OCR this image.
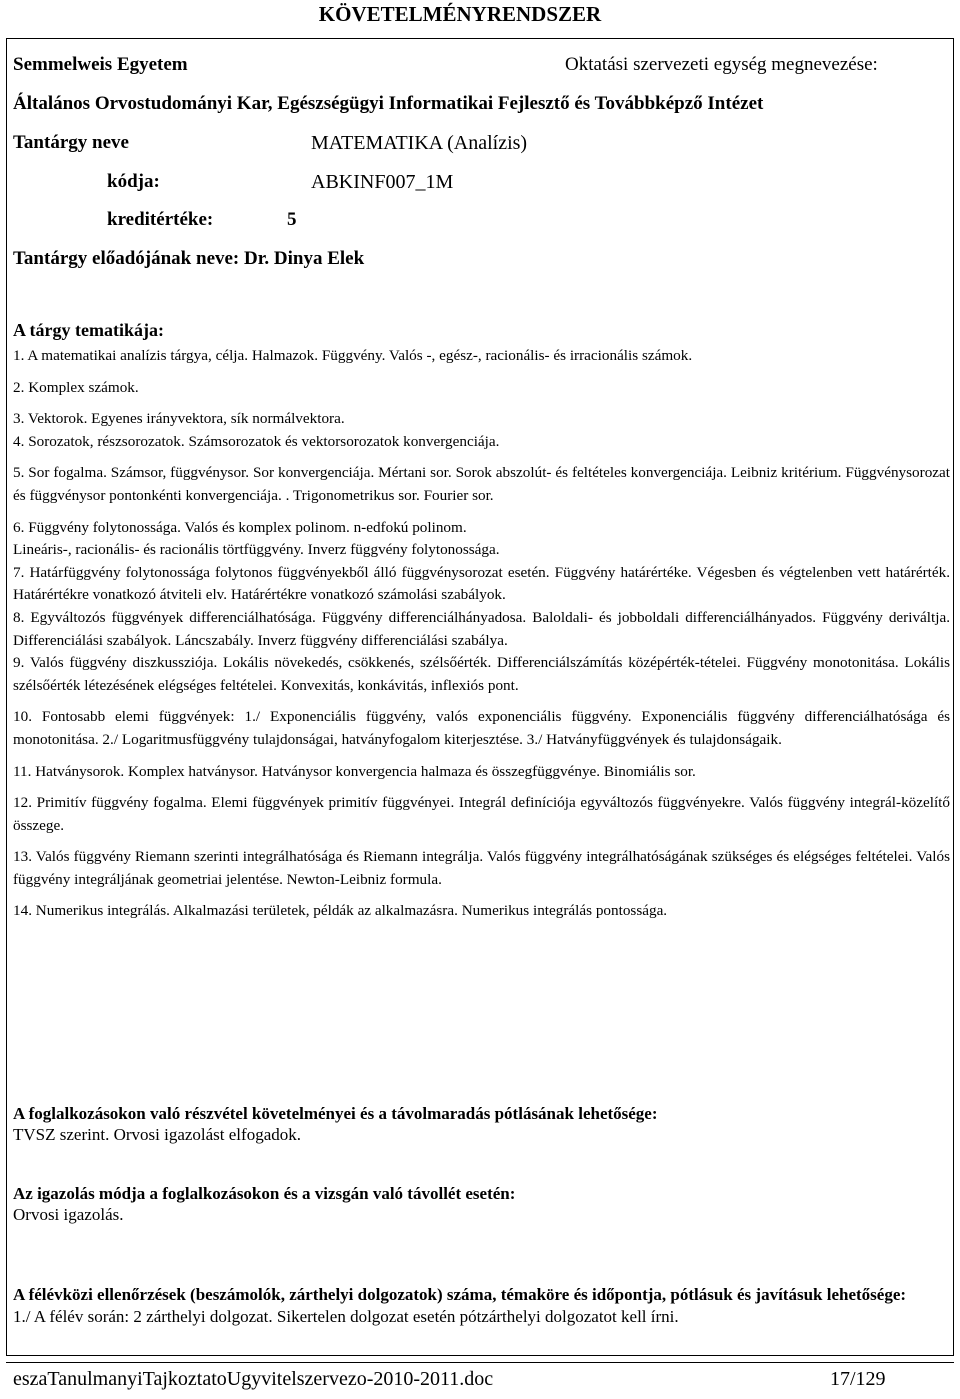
KÖVETELMÉNYRENDSZER
Semmelweis Egyetem	Oktatási szervezeti egység megnevezése:
Általános Orvostudományi Kar, Egészségügyi Informatikai Fejlesztő és Továbbképző Intézet
Tantárgy neve	MATEMATIKA (Analízis)
kódja:	ABKINF007_1M
kreditértéke:	5
Tantárgy előadójának neve: Dr. Dinya Elek
A tárgy tematikája:

1. A matematikai analízis tárgya, célja. Halmazok. Függvény. Valós -, egész-, racionális- és irracionális számok.

2. Komplex számok.

3. Vektorok. Egyenes irányvektora, sík normálvektora.

4. Sorozatok, részsorozatok. Számsorozatok és vektorsorozatok konvergenciája.

5. Sor fogalma. Számsor, függvénysor. Sor konvergenciája. Mértani sor. Sorok abszolút- és feltételes konvergenciája. Leibniz kritérium. Függvénysorozat és függvénysor pontonkénti konvergenciája. . Trigonometrikus sor. Fourier sor.

6. Függvény folytonossága. Valós és komplex polinom. n-edfokú polinom.

Lineáris-, racionális- és racionális törtfüggvény. Inverz függvény folytonossága.

7. Határfüggvény folytonossága folytonos függvényekből álló függvénysorozat esetén. Függvény határértéke. Végesben és végtelenben vett határérték. Határértékre vonatkozó átviteli elv. Határértékre vonatkozó számolási szabályok.

8. Egyváltozós függvények differenciálhatósága. Függvény differenciálhányadosa. Baloldali- és jobboldali differenciálhányados. Függvény deriváltja. Differenciálási szabályok. Láncszabály. Inverz függvény differenciálási szabálya.

9. Valós függvény diszkussziója. Lokális növekedés, csökkenés, szélsőérték. Differenciálszámítás középérték-tételei. Függvény monotonitása. Lokális szélsőérték létezésének elégséges feltételei. Konvexitás, konkávitás, inflexiós pont.

10. Fontosabb elemi függvények: 1./ Exponenciális függvény, valós exponenciális függvény. Exponenciális függvény differenciálhatósága és monotonitása. 2./ Logaritmusfüggvény tulajdonságai, hatványfogalom kiterjesztése. 3./ Hatványfüggvények és tulajdonságaik.

11. Hatványsorok. Komplex hatványsor. Hatványsor konvergencia halmaza és összegfüggvénye. Binomiális sor.

12. Primitív függvény fogalma. Elemi függvények primitív függvényei. Integrál definíciója egyváltozós függvényekre. Valós függvény integrál-közelítő összege.

13. Valós függvény Riemann szerinti integrálhatósága és Riemann integrálja. Valós függvény integrálhatóságának szükséges és elégséges feltételei. Valós függvény integráljának geometriai jelentése. Newton-Leibniz formula.

14. Numerikus integrálás. Alkalmazási területek, példák az alkalmazásra. Numerikus integrálás pontossága.

A foglalkozásokon való részvétel követelményei és a távolmaradás pótlásának lehetősége:
TVSZ szerint. Orvosi igazolást elfogadok.
Az igazolás módja a foglalkozásokon és a vizsgán való távollét esetén:
Orvosi igazolás.
A félévközi ellenőrzések (beszámolók, zárthelyi dolgozatok) száma, témaköre és időpontja, pótlásuk és javításuk lehetősége:
1./ A félév során: 2 zárthelyi dolgozat. Sikertelen dolgozat esetén pótzárthelyi dolgozatot kell írni.
eszaTanulmanyiTajkoztatoUgyvitelszervezo-2010-2011.doc	17/129
